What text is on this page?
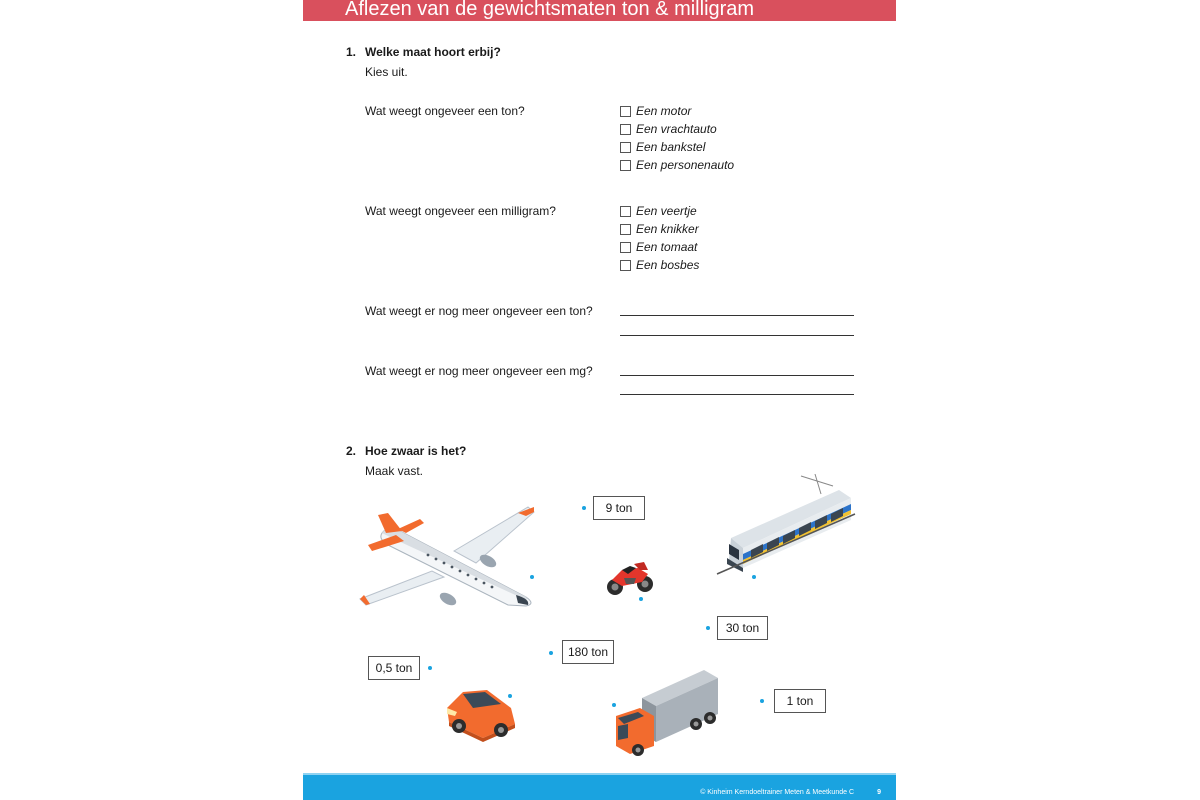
Aflezen van de gewichtsmaten ton & milligram
1. Welke maat hoort erbij?
Kies uit.
Wat weegt ongeveer een ton?	Een motor
Een vrachtauto
Een bankstel
Een personenauto
Wat weegt ongeveer een milligram?	Een veertje
Een knikker
Een tomaat
Een bosbes
Wat weegt er nog meer ongeveer een ton?
Wat weegt er nog meer ongeveer een mg?
2. Hoe zwaar is het?
Maak vast.
9 ton
30 ton
180 ton
0,5 ton
1 ton
© Kinheim Kerndoeltrainer Meten & Meetkunde C	9
